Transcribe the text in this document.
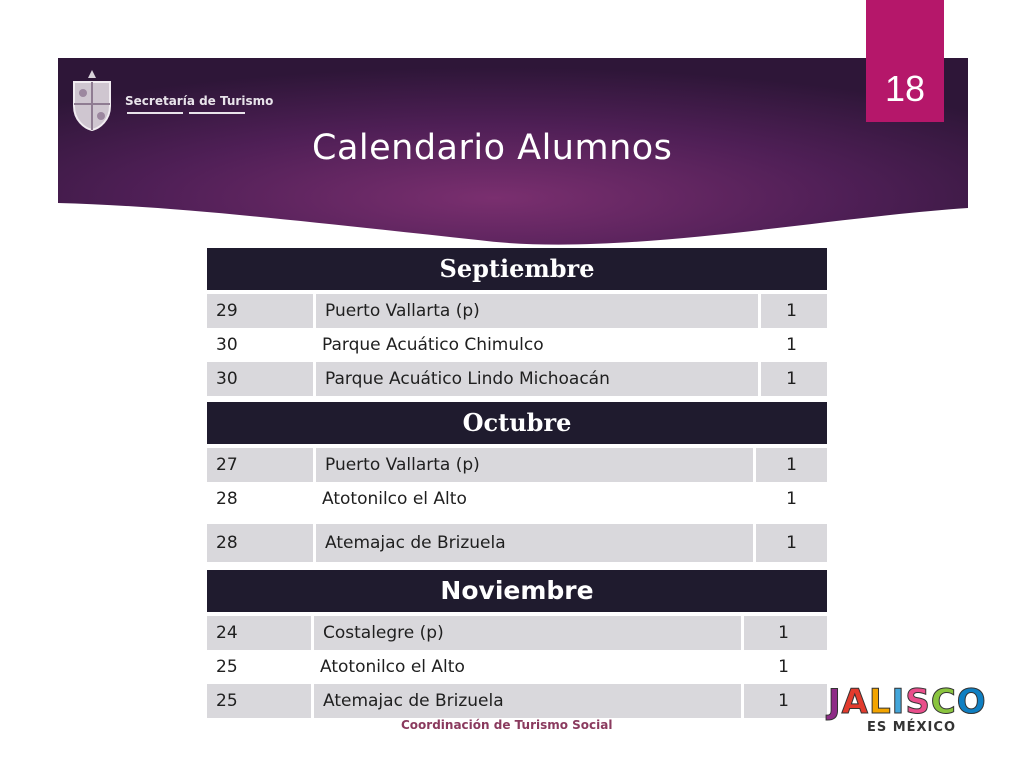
Secretaría de Turismo
Calendario Alumnos
18
Septiembre
29	Puerto Vallarta (p)	1
30	Parque Acuático Chimulco	1
30	Parque Acuático Lindo Michoacán	1
Octubre
27	Puerto Vallarta (p)	1
28	Atotonilco el Alto	1
28	Atemajac de Brizuela	1
Noviembre
24	Costalegre (p)	1
25	Atotonilco el Alto	1
25	Atemajac de Brizuela	1
Coordinación de Turismo Social
JALISCO
ES MÉXICO
